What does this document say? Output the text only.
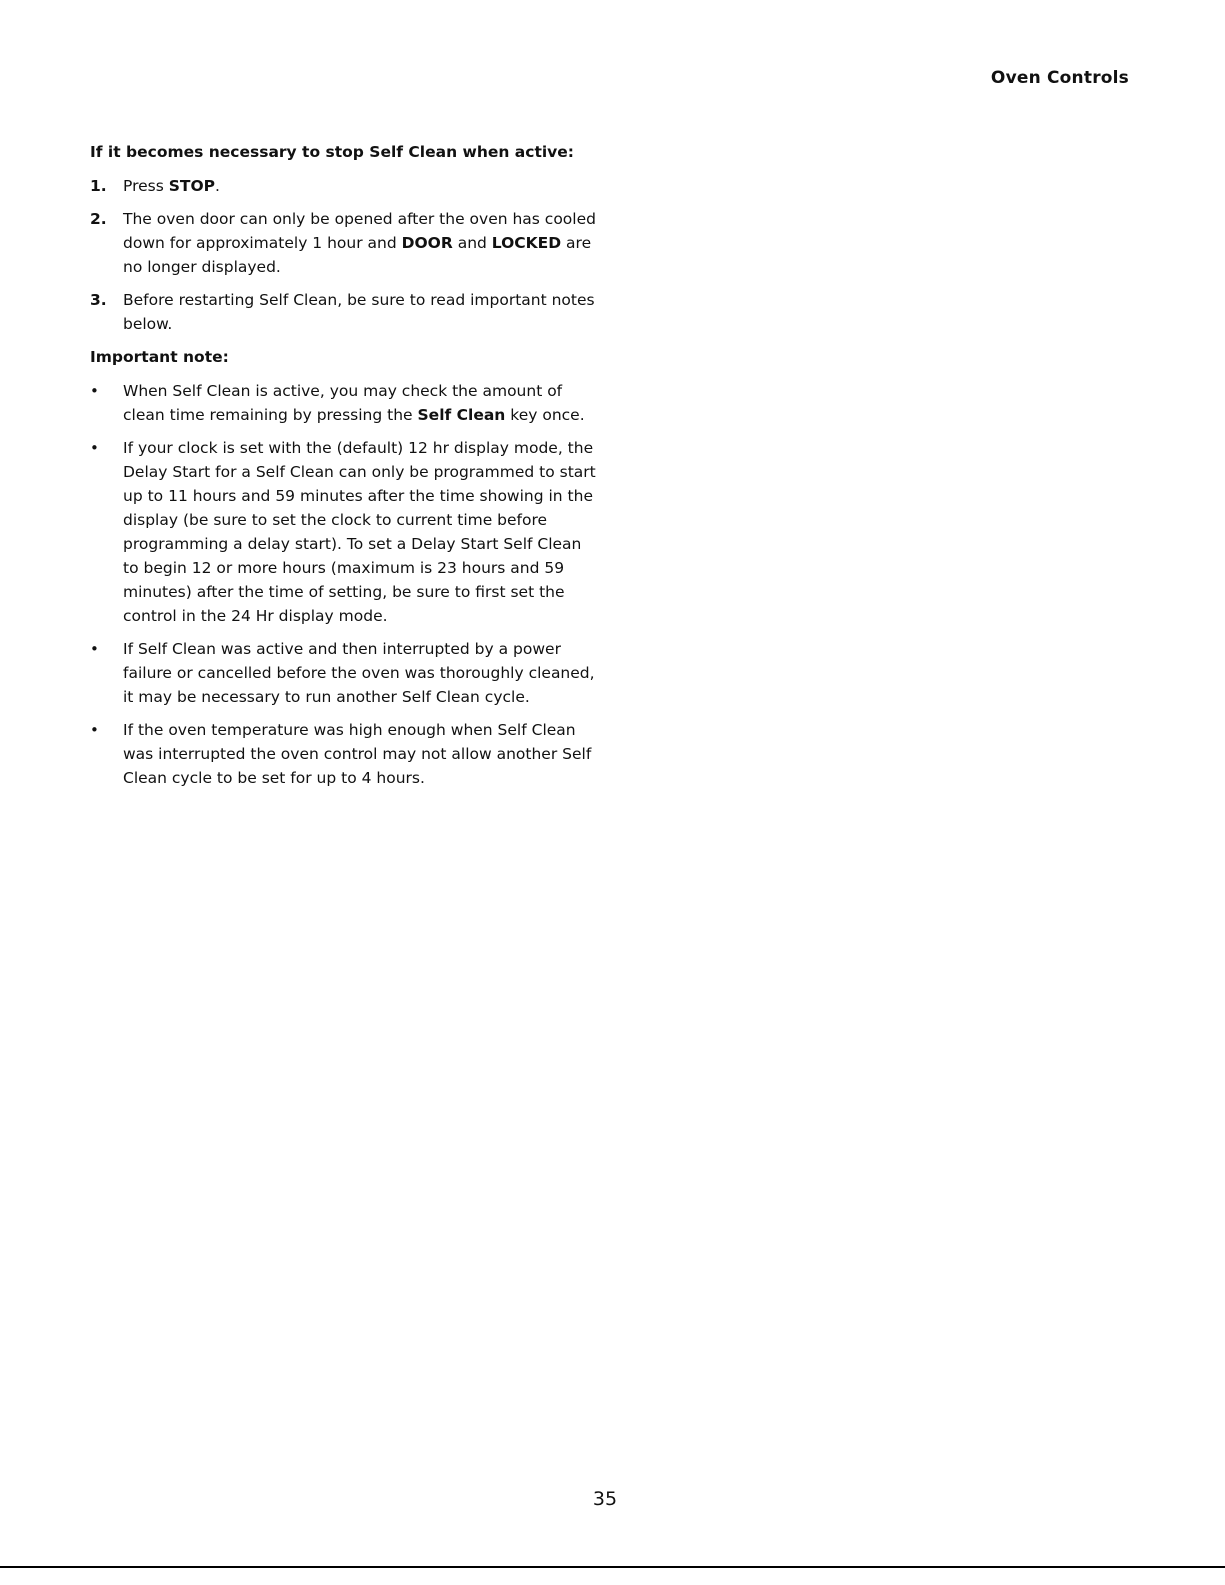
Oven Controls
If it becomes necessary to stop Self Clean when active:
1.	Press STOP.
2.	The oven door can only be opened after the oven has cooled down for approximately 1 hour and DOOR and LOCKED are no longer displayed.
3.	Before restarting Self Clean, be sure to read important notes below.
Important note:
•	When Self Clean is active, you may check the amount of clean time remaining by pressing the Self Clean key once.
•	If your clock is set with the (default) 12 hr display mode, the Delay Start for a Self Clean can only be programmed to start up to 11 hours and 59 minutes after the time showing in the display (be sure to set the clock to current time before programming a delay start). To set a Delay Start Self Clean to begin 12 or more hours (maximum is 23 hours and 59 minutes) after the time of setting, be sure to first set the control in the 24 Hr display mode.
•	If Self Clean was active and then interrupted by a power failure or cancelled before the oven was thoroughly cleaned, it may be necessary to run another Self Clean cycle.
•	If the oven temperature was high enough when Self Clean was interrupted the oven control may not allow another Self Clean cycle to be set for up to 4 hours.
35
